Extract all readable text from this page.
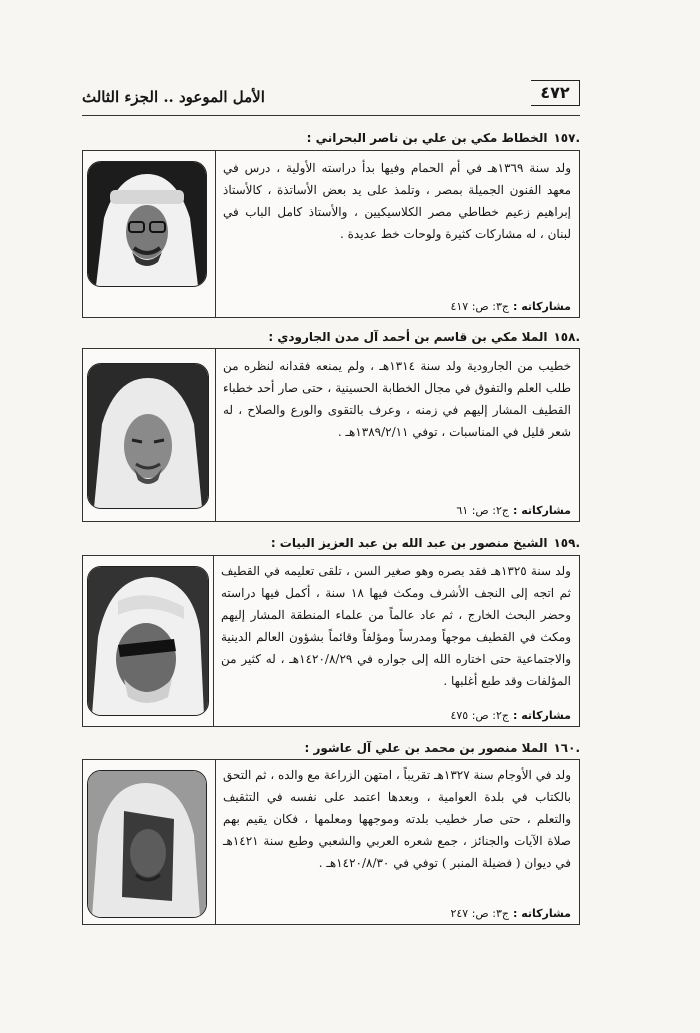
٤٧٢
الأمل الموعود .. الجزء الثالث
.١٥٧الخطاط مكي بن علي بن ناصر البحراني :

ولد سنة ١٣٦٩هـ في أم الحمام وفيها بدأ دراسته الأولية ، درس في معهد الفنون الجميلة بمصر ، وتلمذ على يد بعض الأساتذة ، كالأستاذ إبراهيم زعيم خطاطي مصر الكلاسيكيين ، والأستاذ كامل الباب في لبنان ، له مشاركات كثيرة ولوحات خط عديدة .

مشاركاته :ج٣: ص: ٤١٧
.١٥٨الملا مكي بن قاسم بن أحمد آل مدن الجارودي :

خطيب من الجارودية ولد سنة ١٣١٤هـ ، ولم يمنعه فقدانه لنظره من طلب العلم والتفوق في مجال الخطابة الحسينية ، حتى صار أحد خطباء القطيف المشار إليهم في زمنه ، وعرف بالتقوى والورع والصلاح ، له شعر قليل في المناسبات ، توفي ١٣٨٩/٢/١١هـ .

مشاركاته :ج٢: ص: ٦١
.١٥٩الشيخ منصور بن عبد الله بن عبد العزيز البيات :

ولد سنة ١٣٢٥هـ فقد بصره وهو صغير السن ، تلقى تعليمه في القطيف ثم اتجه إلى النجف الأشرف ومكث فيها ١٨ سنة ، أكمل فيها دراسته وحضر البحث الخارج ، ثم عاد عالماً من علماء المنطقة المشار إليهم ومكث في القطيف موجهاً ومدرساً ومؤلفاً وقائماً بشؤون العالم الدينية والاجتماعية حتى اختاره الله إلى جواره في ١٤٢٠/٨/٢٩هـ ، له كثير من المؤلفات وقد طبع أغلبها .

مشاركاته :ج٢: ص: ٤٧٥
.١٦٠الملا منصور بن محمد بن علي آل عاشور :

ولد في الأوجام سنة ١٣٢٧هـ تقريباً ، امتهن الزراعة مع والده ، ثم التحق بالكتاب في بلدة العوامية ، وبعدها اعتمد على نفسه في التثقيف والتعلم ، حتى صار خطيب بلدته وموجهها ومعلمها ، فكان يقيم بهم صلاة الآيات والجنائز ، جمع شعره العربي والشعبي وطبع سنة ١٤٢١هـ في ديوان ( فضيلة المنبر ) توفي في ١٤٢٠/٨/٣٠هـ .

مشاركاته :ج٣: ص: ٢٤٧
